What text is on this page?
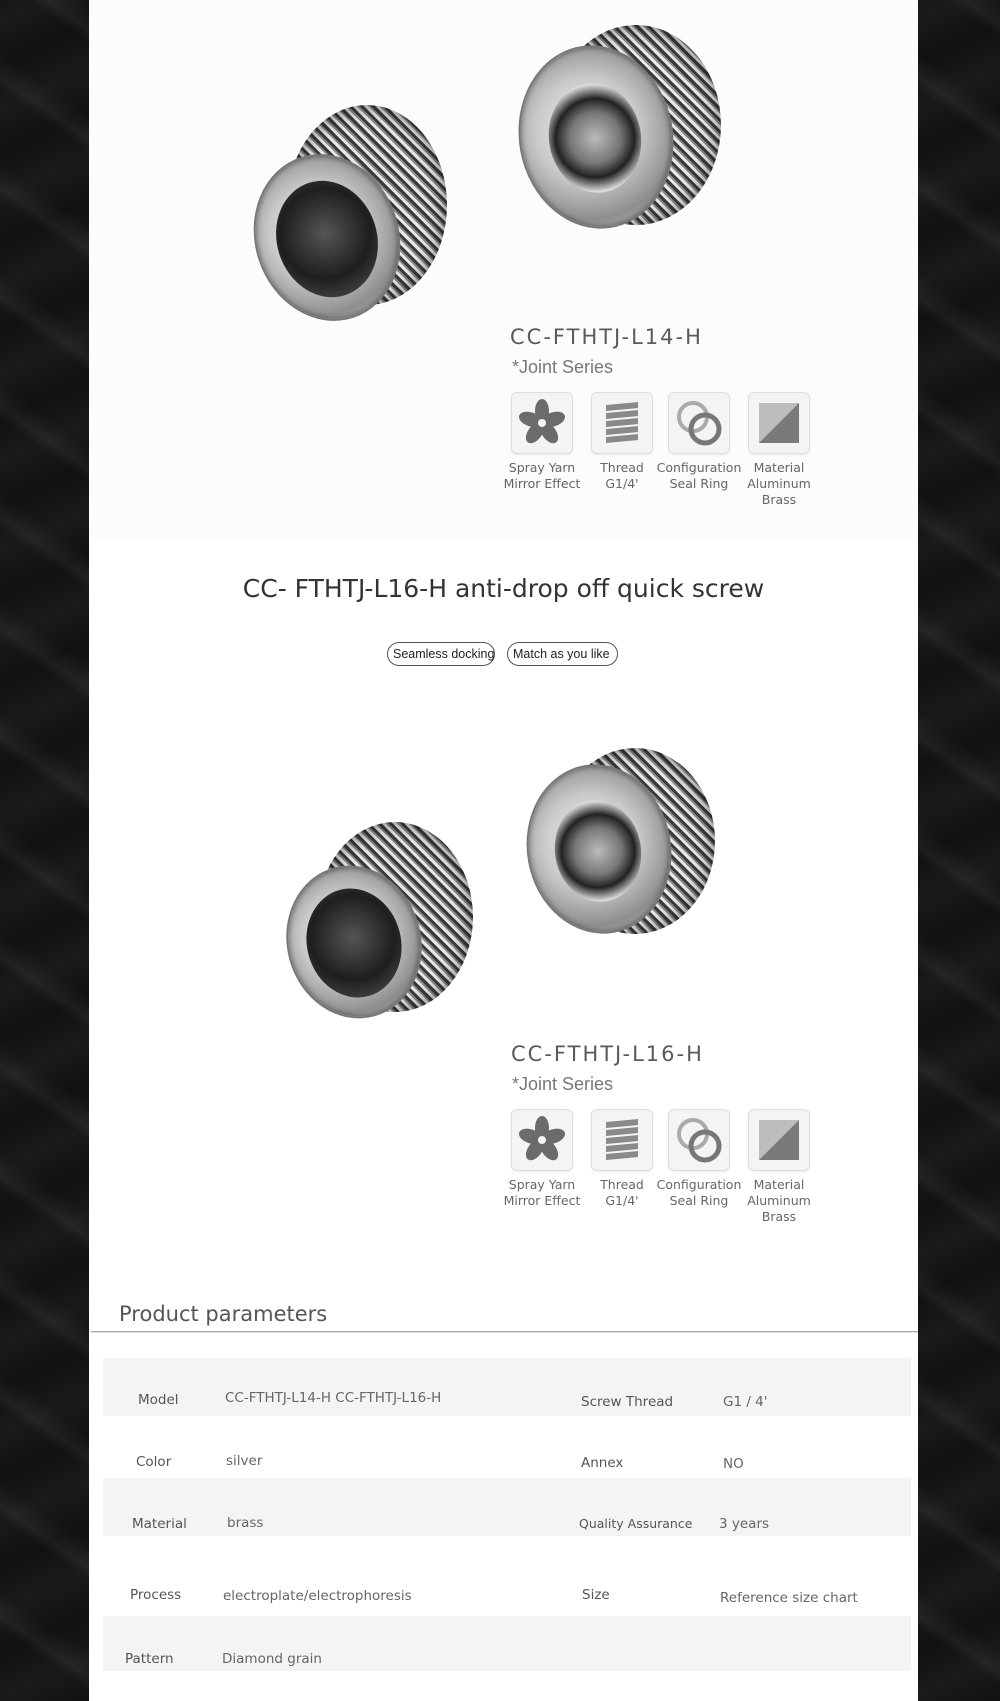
CC-FTHTJ-L14-H
*Joint Series
Spray Yarn
Mirror Effect
Thread
G1/4'
Configuration
Seal Ring
Material
Aluminum
Brass
CC- FTHTJ-L16-H anti-drop off quick screw
Seamless docking	Match as you like
CC-FTHTJ-L16-H
*Joint Series
Spray Yarn
Mirror Effect
Thread
G1/4'
Configuration
Seal Ring
Material
Aluminum
Brass
Product parameters
Model	CC-FTHTJ-L14-H CC-FTHTJ-L16-H	Screw Thread	G1 / 4'
Color	silver	Annex	NO
Material	brass	Quality Assurance 3 years
Process	electroplate/electrophoresis	Size	Reference size chart
Pattern	Diamond grain
